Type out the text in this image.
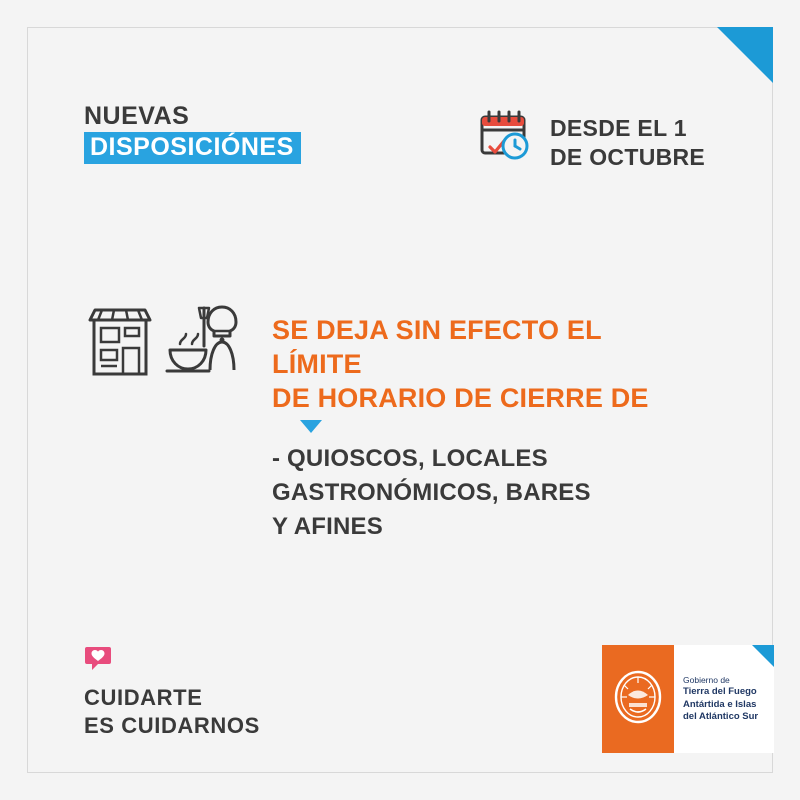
NUEVAS
DISPOSICIÓNES
DESDE EL 1
DE OCTUBRE
SE DEJA SIN EFECTO EL LÍMITE
DE HORARIO DE CIERRE DE
- QUIOSCOS, LOCALES
GASTRONÓMICOS, BARES
Y AFINES
CUIDARTE
ES CUIDARNOS
Gobierno de
Tierra del Fuego
Antártida e Islas
del Atlántico Sur
